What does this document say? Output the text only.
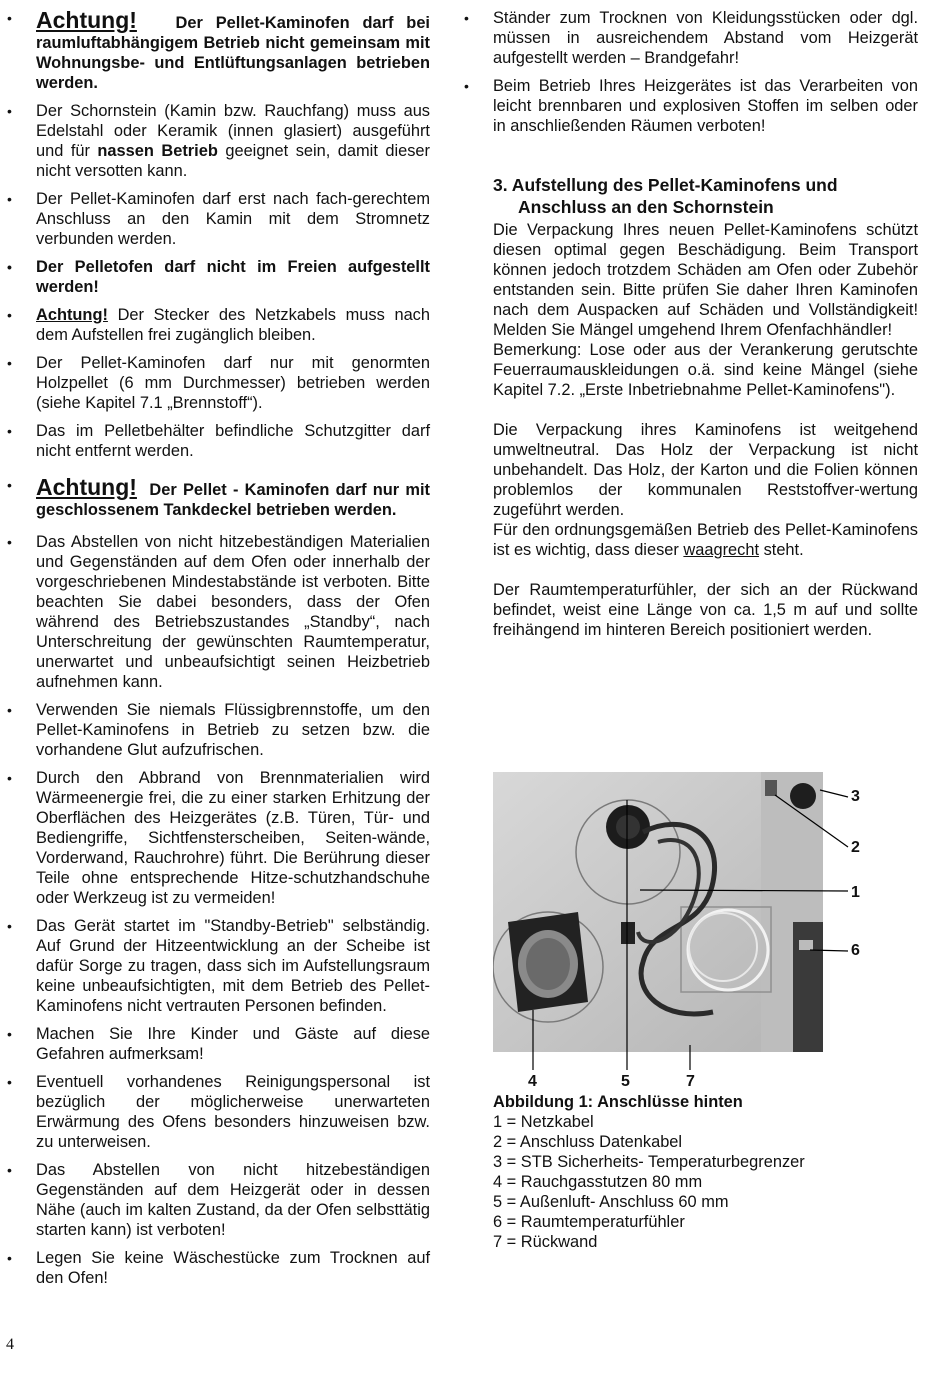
• Achtung! Der Pellet-Kaminofen darf bei raumluftabhängigem Betrieb nicht gemeinsam mit Wohnungsbe- und Entlüftungsanlagen betrieben werden.
• Der Schornstein (Kamin bzw. Rauchfang) muss aus Edelstahl oder Keramik (innen glasiert) ausgeführt und für nassen Betrieb geeignet sein, damit dieser nicht versotten kann.
• Der Pellet-Kaminofen darf erst nach fach-gerechtem Anschluss an den Kamin mit dem Stromnetz verbunden werden.
• Der Pelletofen darf nicht im Freien aufgestellt werden!
• Achtung! Der Stecker des Netzkabels muss nach dem Aufstellen frei zugänglich bleiben.
• Der Pellet-Kaminofen darf nur mit genormten Holzpellet (6 mm Durchmesser) betrieben werden (siehe Kapitel 7.1 „Brennstoff“).
• Das im Pelletbehälter befindliche Schutzgitter darf nicht entfernt werden.
• Achtung! Der Pellet - Kaminofen darf nur mit geschlossenem Tankdeckel betrieben werden.
• Das Abstellen von nicht hitzebeständigen Materialien und Gegenständen auf dem Ofen oder innerhalb der vorgeschriebenen Mindestabstände ist verboten. Bitte beachten Sie dabei besonders, dass der Ofen während des Betriebszustandes „Standby“, nach Unterschreitung der gewünschten Raumtemperatur, unerwartet und unbeaufsichtigt seinen Heizbetrieb aufnehmen kann.
• Verwenden Sie niemals Flüssigbrennstoffe, um den Pellet-Kaminofens in Betrieb zu setzen bzw. die vorhandene Glut aufzufrischen.
• Durch den Abbrand von Brennmaterialien wird Wärmeenergie frei, die zu einer starken Erhitzung der Oberflächen des Heizgerätes (z.B. Türen, Tür- und Bediengriffe, Sichtfensterscheiben, Seiten-wände, Vorderwand, Rauchrohre) führt. Die Berührung dieser Teile ohne entsprechende Hitze-schutzhandschuhe oder Werkzeug ist zu vermeiden!
• Das Gerät startet im "Standby-Betrieb" selbständig. Auf Grund der Hitzeentwicklung an der Scheibe ist dafür Sorge zu tragen, dass sich im Aufstellungsraum keine unbeaufsichtigten, mit dem Betrieb des Pellet-Kaminofens nicht vertrauten Personen befinden.
• Machen Sie Ihre Kinder und Gäste auf diese Gefahren aufmerksam!
• Eventuell vorhandenes Reinigungspersonal ist bezüglich der möglicherweise unerwarteten Erwärmung des Ofens besonders hinzuweisen bzw. zu unterweisen.
• Das Abstellen von nicht hitzebeständigen Gegenständen auf dem Heizgerät oder in dessen Nähe (auch im kalten Zustand, da der Ofen selbsttätig starten kann) ist verboten!
• Legen Sie keine Wäschestücke zum Trocknen auf den Ofen!
• Ständer zum Trocknen von Kleidungsstücken oder dgl. müssen in ausreichendem Abstand vom Heizgerät aufgestellt werden – Brandgefahr!
• Beim Betrieb Ihres Heizgerätes ist das Verarbeiten von leicht brennbaren und explosiven Stoffen im selben oder in anschließenden Räumen verboten!
3. Aufstellung des Pellet-Kaminofens und
Anschluss an den Schornstein

Die Verpackung Ihres neuen Pellet-Kaminofens schützt diesen optimal gegen Beschädigung. Beim Transport können jedoch trotzdem Schäden am Ofen oder Zubehör entstanden sein. Bitte prüfen Sie daher Ihren Kaminofen nach dem Auspacken auf Schäden und Vollständigkeit! Melden Sie Mängel umgehend Ihrem Ofenfachhändler!

Bemerkung: Lose oder aus der Verankerung gerutschte Feuerraumauskleidungen o.ä. sind keine Mängel (siehe Kapitel 7.2. „Erste Inbetriebnahme Pellet-Kaminofens").

Die Verpackung ihres Kaminofens ist weitgehend umweltneutral. Das Holz der Verpackung ist nicht unbehandelt. Das Holz, der Karton und die Folien können problemlos der kommunalen Reststoffver-wertung zugeführt werden.

Für den ordnungsgemäßen Betrieb des Pellet-Kaminofens ist es wichtig, dass dieser waagrecht steht.

Der Raumtemperaturfühler, der sich an der Rückwand befindet, weist eine Länge von ca. 1,5 m auf und sollte freihängend im hinteren Bereich positioniert werden.

3
2
1
6
4	5	7
Abbildung 1: Anschlüsse hinten
1 = Netzkabel
2 = Anschluss Datenkabel
3 = STB Sicherheits- Temperaturbegrenzer
4 = Rauchgasstutzen 80 mm
5 = Außenluft- Anschluss 60 mm
6 = Raumtemperaturfühler
7 = Rückwand
4
